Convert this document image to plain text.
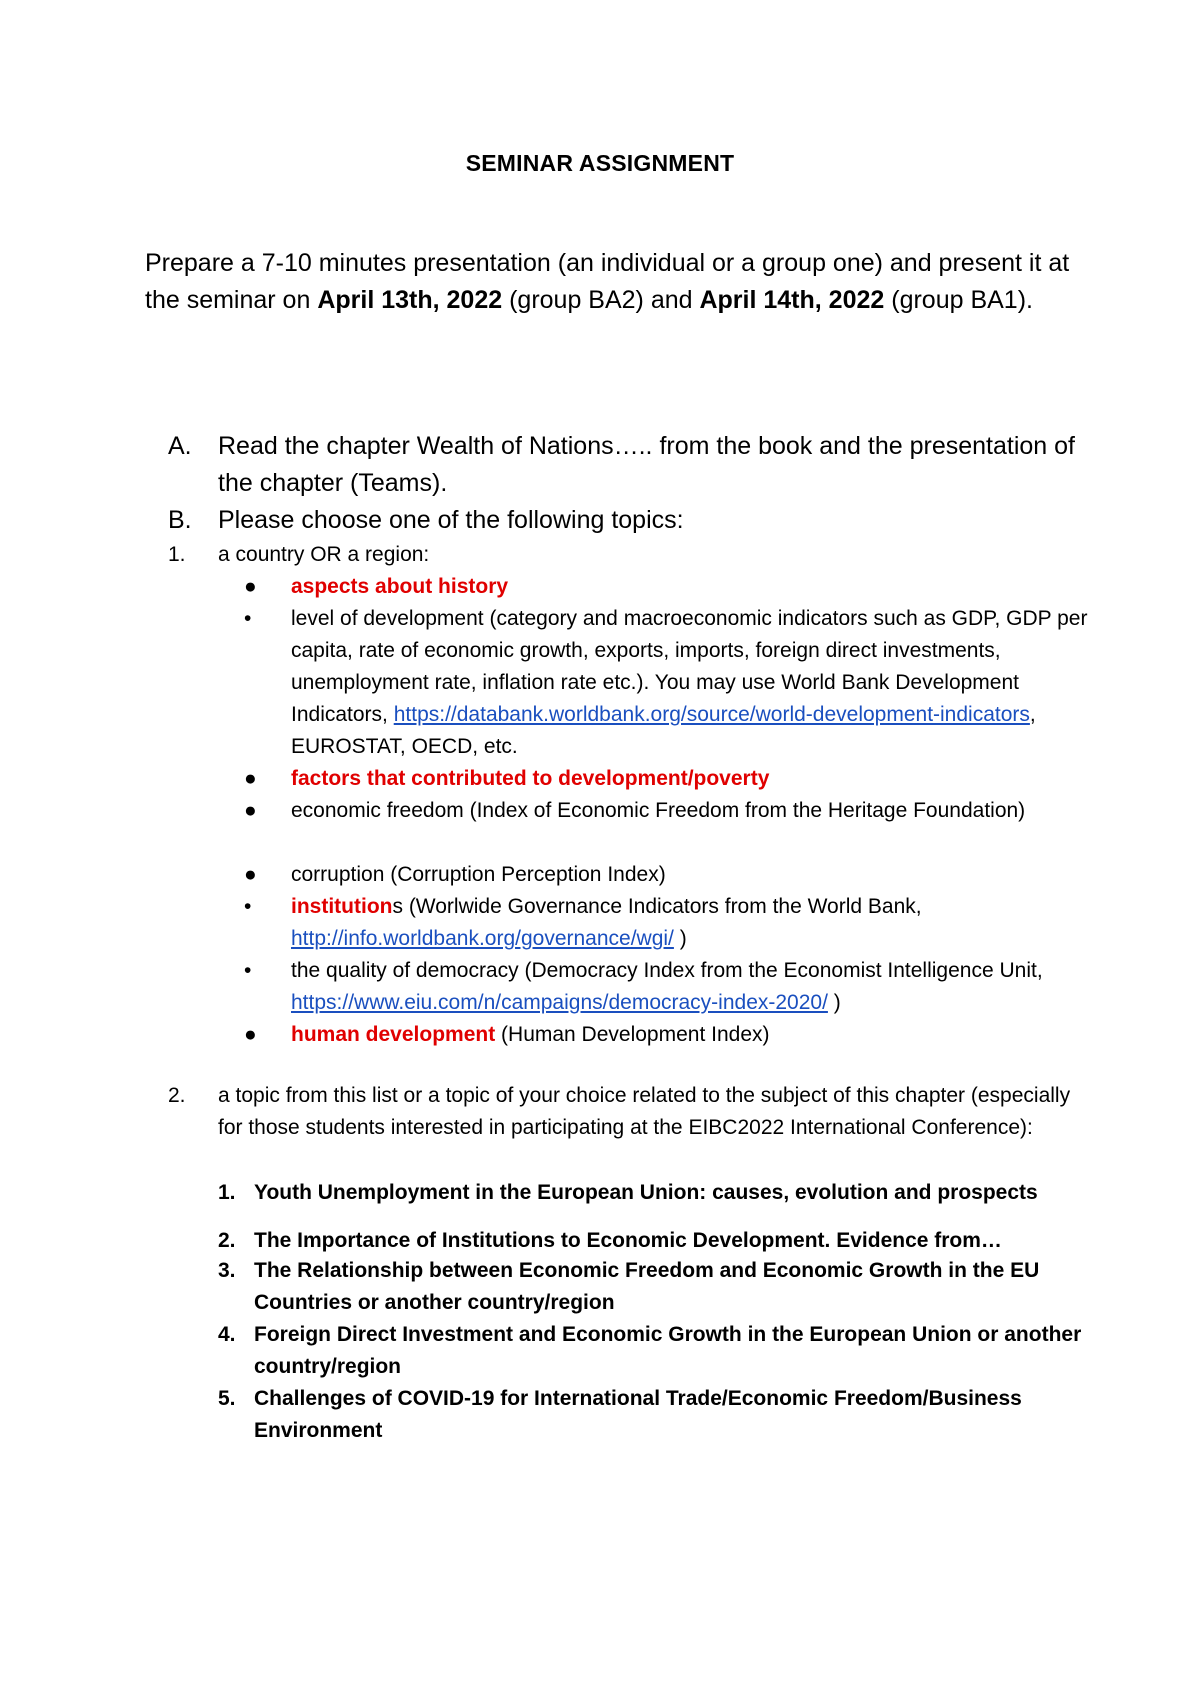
SEMINAR ASSIGNMENT
Prepare a 7-10 minutes presentation (an individual or a group one) and present it at the seminar on April 13th, 2022 (group BA2) and April 14th, 2022 (group BA1).
A. Read the chapter Wealth of Nations….. from the book and the presentation of the chapter (Teams).
B. Please choose one of the following topics:
1. a country OR a region:
● aspects about history
• level of development (category and macroeconomic indicators such as GDP, GDP per capita, rate of economic growth, exports, imports, foreign direct investments, unemployment rate, inflation rate etc.). You may use World Bank Development Indicators, https://databank.worldbank.org/source/world-development-indicators, EUROSTAT, OECD, etc.
● factors that contributed to development/poverty
● economic freedom (Index of Economic Freedom from the Heritage Foundation)
● corruption (Corruption Perception Index)
• institutions (Worlwide Governance Indicators from the World Bank, http://info.worldbank.org/governance/wgi/ )
• the quality of democracy (Democracy Index from the Economist Intelligence Unit, https://www.eiu.com/n/campaigns/democracy-index-2020/ )
● human development (Human Development Index)
2. a topic from this list or a topic of your choice related to the subject of this chapter (especially for those students interested in participating at the EIBC2022 International Conference):
1. Youth Unemployment in the European Union: causes, evolution and prospects
2. The Importance of Institutions to Economic Development. Evidence from…
3. The Relationship between Economic Freedom and Economic Growth in the EU Countries or another country/region
4. Foreign Direct Investment and Economic Growth in the European Union or another country/region
5. Challenges of COVID-19 for International Trade/Economic Freedom/Business Environment
